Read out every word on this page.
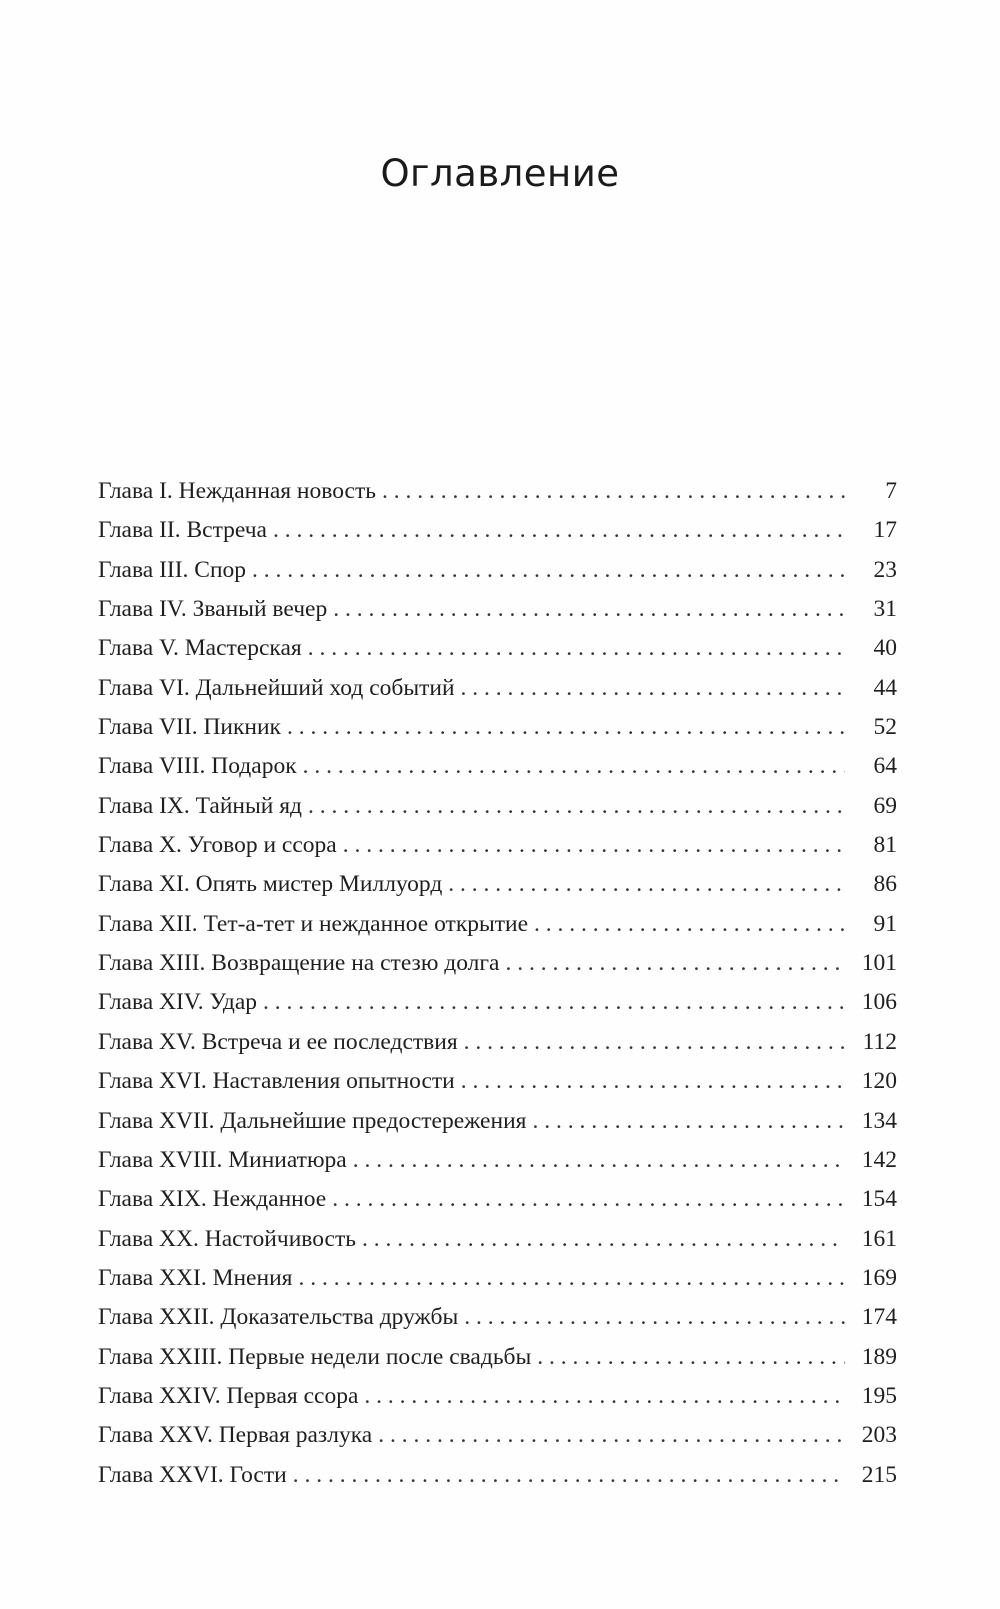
Оглавление
Глава I. Нежданная новость . . .	7
Глава II. Встреча . . .	17
Глава III. Спор . . .	23
Глава IV. Званый вечер . . .	31
Глава V. Мастерская . . .	40
Глава VI. Дальнейший ход событий . . .	44
Глава VII. Пикник . . .	52
Глава VIII. Подарок . . .	64
Глава IX. Тайный яд . . .	69
Глава X. Уговор и ссора . . .	81
Глава XI. Опять мистер Миллуорд . . .	86
Глава XII. Тет-а-тет и нежданное открытие . . .	91
Глава XIII. Возвращение на стезю долга . . .	101
Глава XIV. Удар . . .	106
Глава XV. Встреча и ее последствия . . .	112
Глава XVI. Наставления опытности . . .	120
Глава XVII. Дальнейшие предостережения . . .	134
Глава XVIII. Миниатюра . . .	142
Глава XIX. Нежданное . . .	154
Глава XX. Настойчивость . . .	161
Глава XXI. Мнения . . .	169
Глава XXII. Доказательства дружбы . . .	174
Глава XXIII. Первые недели после свадьбы . . .	189
Глава XXIV. Первая ссора . . .	195
Глава XXV. Первая разлука . . .	203
Глава XXVI. Гости . . .	215
